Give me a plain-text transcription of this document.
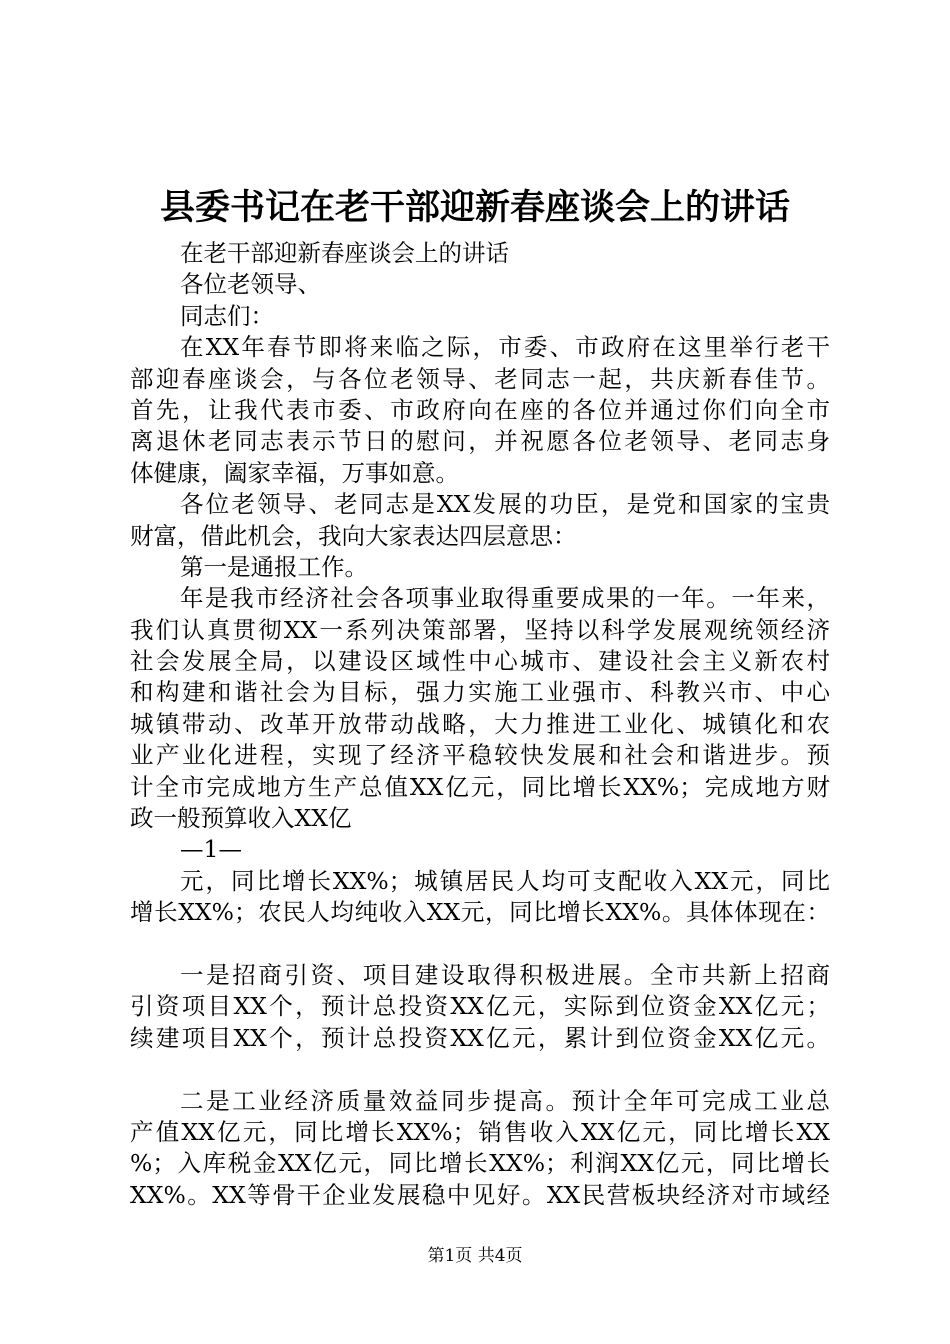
县委书记在老干部迎新春座谈会上的讲话
在老干部迎新春座谈会上的讲话
各位老领导、
同志们：
在XX年春节即将来临之际，市委、市政府在这里举行老干
部迎春座谈会，与各位老领导、老同志一起，共庆新春佳节。
首先，让我代表市委、市政府向在座的各位并通过你们向全市
离退休老同志表示节日的慰问，并祝愿各位老领导、老同志身
体健康，阖家幸福，万事如意。
各位老领导、老同志是XX发展的功臣，是党和国家的宝贵
财富，借此机会，我向大家表达四层意思：
第一是通报工作。
年是我市经济社会各项事业取得重要成果的一年。一年来，
我们认真贯彻XX一系列决策部署，坚持以科学发展观统领经济
社会发展全局，以建设区域性中心城市、建设社会主义新农村
和构建和谐社会为目标，强力实施工业强市、科教兴市、中心
城镇带动、改革开放带动战略，大力推进工业化、城镇化和农
业产业化进程，实现了经济平稳较快发展和社会和谐进步。预
计全市完成地方生产总值XX亿元，同比增长XX%；完成地方财
政一般预算收入XX亿
—1—
元，同比增长XX%；城镇居民人均可支配收入XX元，同比
增长XX%；农民人均纯收入XX元，同比增长XX%。具体体现在：
一是招商引资、项目建设取得积极进展。全市共新上招商
引资项目XX个，预计总投资XX亿元，实际到位资金XX亿元；
续建项目XX个，预计总投资XX亿元，累计到位资金XX亿元。
二是工业经济质量效益同步提高。预计全年可完成工业总
产值XX亿元，同比增长XX%；销售收入XX亿元，同比增长XX
%；入库税金XX亿元，同比增长XX%；利润XX亿元，同比增长
XX%。XX等骨干企业发展稳中见好。XX民营板块经济对市域经
第1页 共4页
